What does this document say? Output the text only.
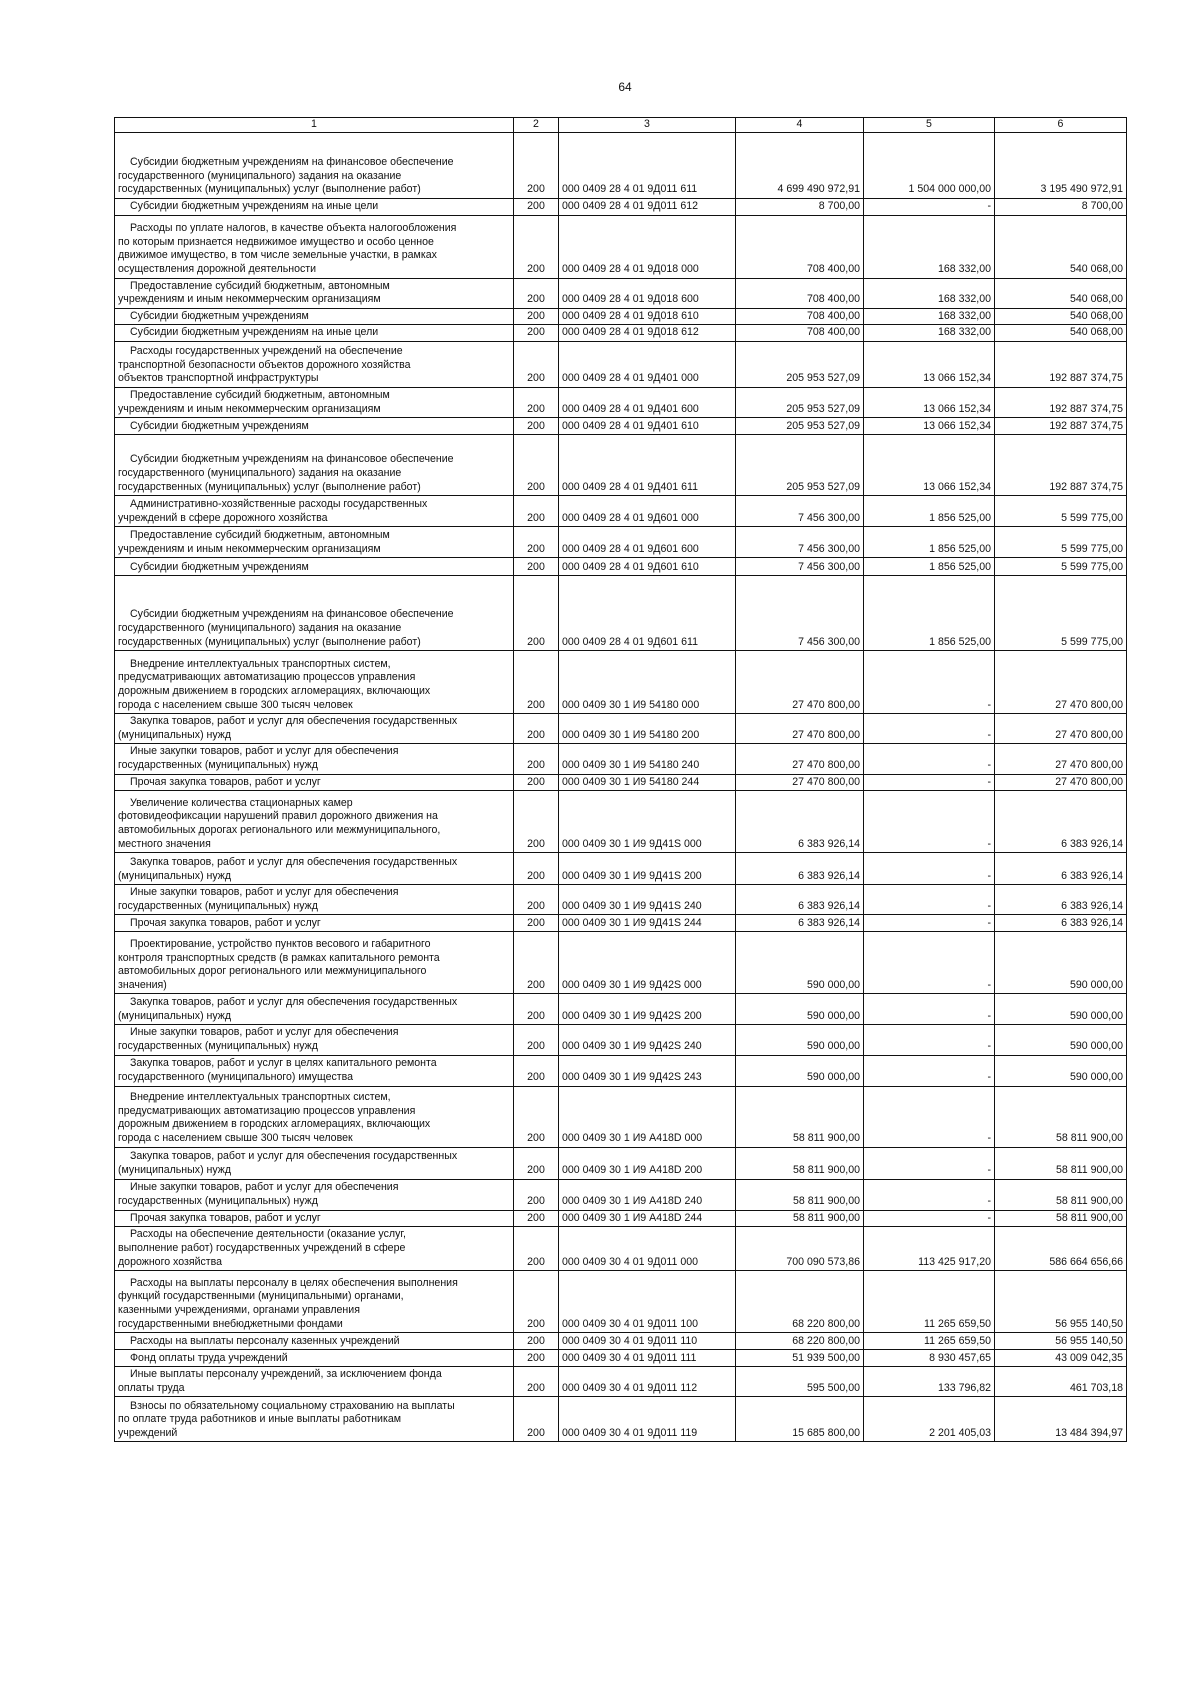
64
1	2	3	4	5	6

Субсидии бюджетным учреждениям на финансовое обеспечение
государственного (муниципального) задания на оказание
государственных (муниципальных) услуг (выполнение работ)	200	000 0409 28 4 01 9Д011 611	4 699 490 972,91	1 504 000 000,00	3 195 490 972,91

Субсидии бюджетным учреждениям на иные цели	200	000 0409 28 4 01 9Д011 612	8 700,00	-	8 700,00

Расходы по уплате налогов, в качестве объекта налогообложения
по которым признается недвижимое имущество и особо ценное
движимое имущество, в том числе земельные участки, в рамках
осуществления дорожной деятельности	200	000 0409 28 4 01 9Д018 000	708 400,00	168 332,00	540 068,00

Предоставление субсидий бюджетным, автономным
учреждениям и иным некоммерческим организациям	200	000 0409 28 4 01 9Д018 600	708 400,00	168 332,00	540 068,00

Субсидии бюджетным учреждениям	200	000 0409 28 4 01 9Д018 610	708 400,00	168 332,00	540 068,00

Субсидии бюджетным учреждениям на иные цели	200	000 0409 28 4 01 9Д018 612	708 400,00	168 332,00	540 068,00

Расходы государственных учреждений на обеспечение
транспортной безопасности объектов дорожного хозяйства
объектов транспортной инфраструктуры	200	000 0409 28 4 01 9Д401 000	205 953 527,09	13 066 152,34	192 887 374,75

Предоставление субсидий бюджетным, автономным
учреждениям и иным некоммерческим организациям	200	000 0409 28 4 01 9Д401 600	205 953 527,09	13 066 152,34	192 887 374,75

Субсидии бюджетным учреждениям	200	000 0409 28 4 01 9Д401 610	205 953 527,09	13 066 152,34	192 887 374,75

Субсидии бюджетным учреждениям на финансовое обеспечение
государственного (муниципального) задания на оказание
государственных (муниципальных) услуг (выполнение работ)	200	000 0409 28 4 01 9Д401 611	205 953 527,09	13 066 152,34	192 887 374,75

Административно-хозяйственные расходы государственных
учреждений в сфере дорожного хозяйства	200	000 0409 28 4 01 9Д601 000	7 456 300,00	1 856 525,00	5 599 775,00

Предоставление субсидий бюджетным, автономным
учреждениям и иным некоммерческим организациям	200	000 0409 28 4 01 9Д601 600	7 456 300,00	1 856 525,00	5 599 775,00

Субсидии бюджетным учреждениям	200	000 0409 28 4 01 9Д601 610	7 456 300,00	1 856 525,00	5 599 775,00

Субсидии бюджетным учреждениям на финансовое обеспечение
государственного (муниципального) задания на оказание
государственных (муниципальных) услуг (выполнение работ)	200	000 0409 28 4 01 9Д601 611	7 456 300,00	1 856 525,00	5 599 775,00

Внедрение интеллектуальных транспортных систем,
предусматривающих автоматизацию процессов управления
дорожным движением в городских агломерациях, включающих
города с населением свыше 300 тысяч человек	200	000 0409 30 1 И9 54180 000	27 470 800,00	-	27 470 800,00

Закупка товаров, работ и услуг для обеспечения государственных
(муниципальных) нужд	200	000 0409 30 1 И9 54180 200	27 470 800,00	-	27 470 800,00

Иные закупки товаров, работ и услуг для обеспечения
государственных (муниципальных) нужд	200	000 0409 30 1 И9 54180 240	27 470 800,00	-	27 470 800,00

Прочая закупка товаров, работ и услуг	200	000 0409 30 1 И9 54180 244	27 470 800,00	-	27 470 800,00

Увеличение количества стационарных камер
фотовидеофиксации нарушений правил дорожного движения на
автомобильных дорогах регионального или межмуниципального,
местного значения	200	000 0409 30 1 И9 9Д41S 000	6 383 926,14	-	6 383 926,14

Закупка товаров, работ и услуг для обеспечения государственных
(муниципальных) нужд	200	000 0409 30 1 И9 9Д41S 200	6 383 926,14	-	6 383 926,14

Иные закупки товаров, работ и услуг для обеспечения
государственных (муниципальных) нужд	200	000 0409 30 1 И9 9Д41S 240	6 383 926,14	-	6 383 926,14

Прочая закупка товаров, работ и услуг	200	000 0409 30 1 И9 9Д41S 244	6 383 926,14	-	6 383 926,14

Проектирование, устройство пунктов весового и габаритного
контроля транспортных средств (в рамках капитального ремонта
автомобильных дорог регионального или межмуниципального
значения)	200	000 0409 30 1 И9 9Д42S 000	590 000,00	-	590 000,00

Закупка товаров, работ и услуг для обеспечения государственных
(муниципальных) нужд	200	000 0409 30 1 И9 9Д42S 200	590 000,00	-	590 000,00

Иные закупки товаров, работ и услуг для обеспечения
государственных (муниципальных) нужд	200	000 0409 30 1 И9 9Д42S 240	590 000,00	-	590 000,00

Закупка товаров, работ и услуг в целях капитального ремонта
государственного (муниципального) имущества	200	000 0409 30 1 И9 9Д42S 243	590 000,00	-	590 000,00

Внедрение интеллектуальных транспортных систем,
предусматривающих автоматизацию процессов управления
дорожным движением в городских агломерациях, включающих
города с населением свыше 300 тысяч человек	200	000 0409 30 1 И9 А418D 000	58 811 900,00	-	58 811 900,00

Закупка товаров, работ и услуг для обеспечения государственных
(муниципальных) нужд	200	000 0409 30 1 И9 А418D 200	58 811 900,00	-	58 811 900,00

Иные закупки товаров, работ и услуг для обеспечения
государственных (муниципальных) нужд	200	000 0409 30 1 И9 А418D 240	58 811 900,00	-	58 811 900,00

Прочая закупка товаров, работ и услуг	200	000 0409 30 1 И9 А418D 244	58 811 900,00	-	58 811 900,00

Расходы на обеспечение деятельности (оказание услуг,
выполнение работ) государственных учреждений в сфере
дорожного хозяйства	200	000 0409 30 4 01 9Д011 000	700 090 573,86	113 425 917,20	586 664 656,66

Расходы на выплаты персоналу в целях обеспечения выполнения
функций государственными (муниципальными) органами,
казенными учреждениями, органами управления
государственными внебюджетными фондами	200	000 0409 30 4 01 9Д011 100	68 220 800,00	11 265 659,50	56 955 140,50

Расходы на выплаты персоналу казенных учреждений	200	000 0409 30 4 01 9Д011 110	68 220 800,00	11 265 659,50	56 955 140,50

Фонд оплаты труда учреждений	200	000 0409 30 4 01 9Д011 111	51 939 500,00	8 930 457,65	43 009 042,35

Иные выплаты персоналу учреждений, за исключением фонда
оплаты труда	200	000 0409 30 4 01 9Д011 112	595 500,00	133 796,82	461 703,18

Взносы по обязательному социальному страхованию на выплаты
по оплате труда работников и иные выплаты работникам
учреждений	200	000 0409 30 4 01 9Д011 119	15 685 800,00	2 201 405,03	13 484 394,97
